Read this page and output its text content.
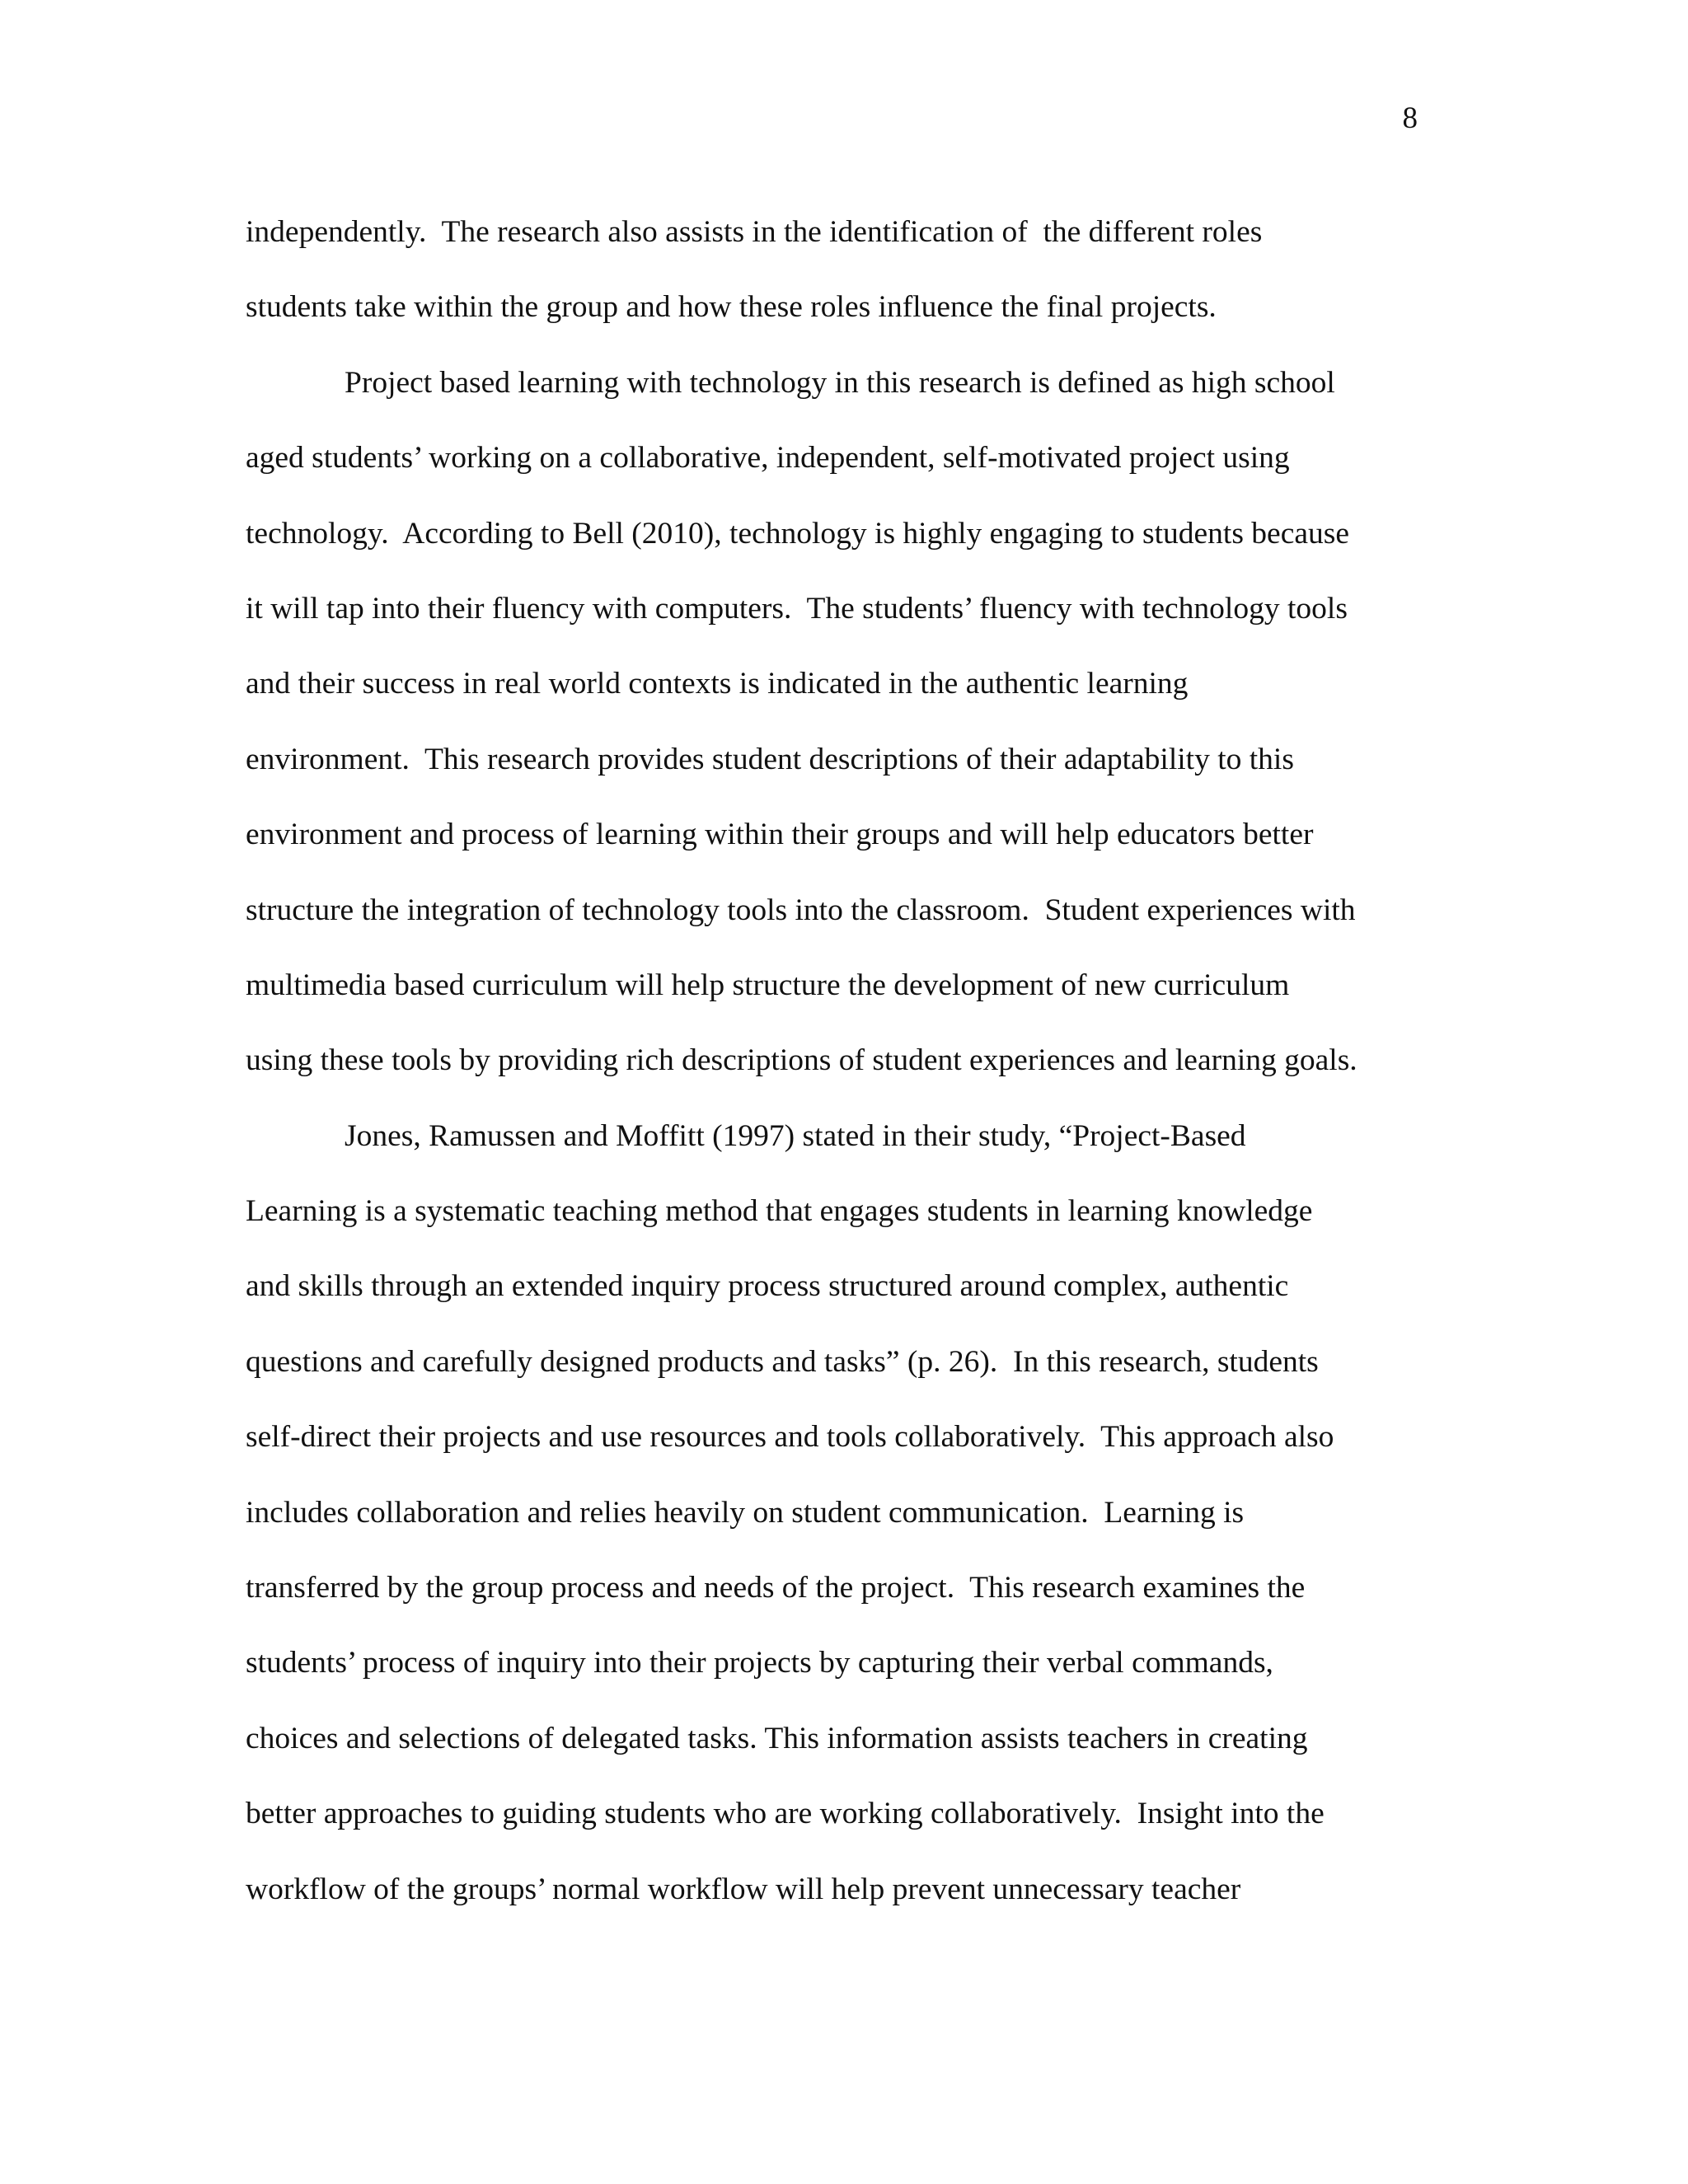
8
independently.  The research also assists in the identification of  the different roles
students take within the group and how these roles influence the final projects.
Project based learning with technology in this research is defined as high school
aged students’ working on a collaborative, independent, self-motivated project using
technology.  According to Bell (2010), technology is highly engaging to students because
it will tap into their fluency with computers.  The students’ fluency with technology tools
and their success in real world contexts is indicated in the authentic learning
environment.  This research provides student descriptions of their adaptability to this
environment and process of learning within their groups and will help educators better
structure the integration of technology tools into the classroom.  Student experiences with
multimedia based curriculum will help structure the development of new curriculum
using these tools by providing rich descriptions of student experiences and learning goals.
Jones, Ramussen and Moffitt (1997) stated in their study, “Project-Based
Learning is a systematic teaching method that engages students in learning knowledge
and skills through an extended inquiry process structured around complex, authentic
questions and carefully designed products and tasks” (p. 26).  In this research, students
self-direct their projects and use resources and tools collaboratively.  This approach also
includes collaboration and relies heavily on student communication.  Learning is
transferred by the group process and needs of the project.  This research examines the
students’ process of inquiry into their projects by capturing their verbal commands,
choices and selections of delegated tasks. This information assists teachers in creating
better approaches to guiding students who are working collaboratively.  Insight into the
workflow of the groups’ normal workflow will help prevent unnecessary teacher
